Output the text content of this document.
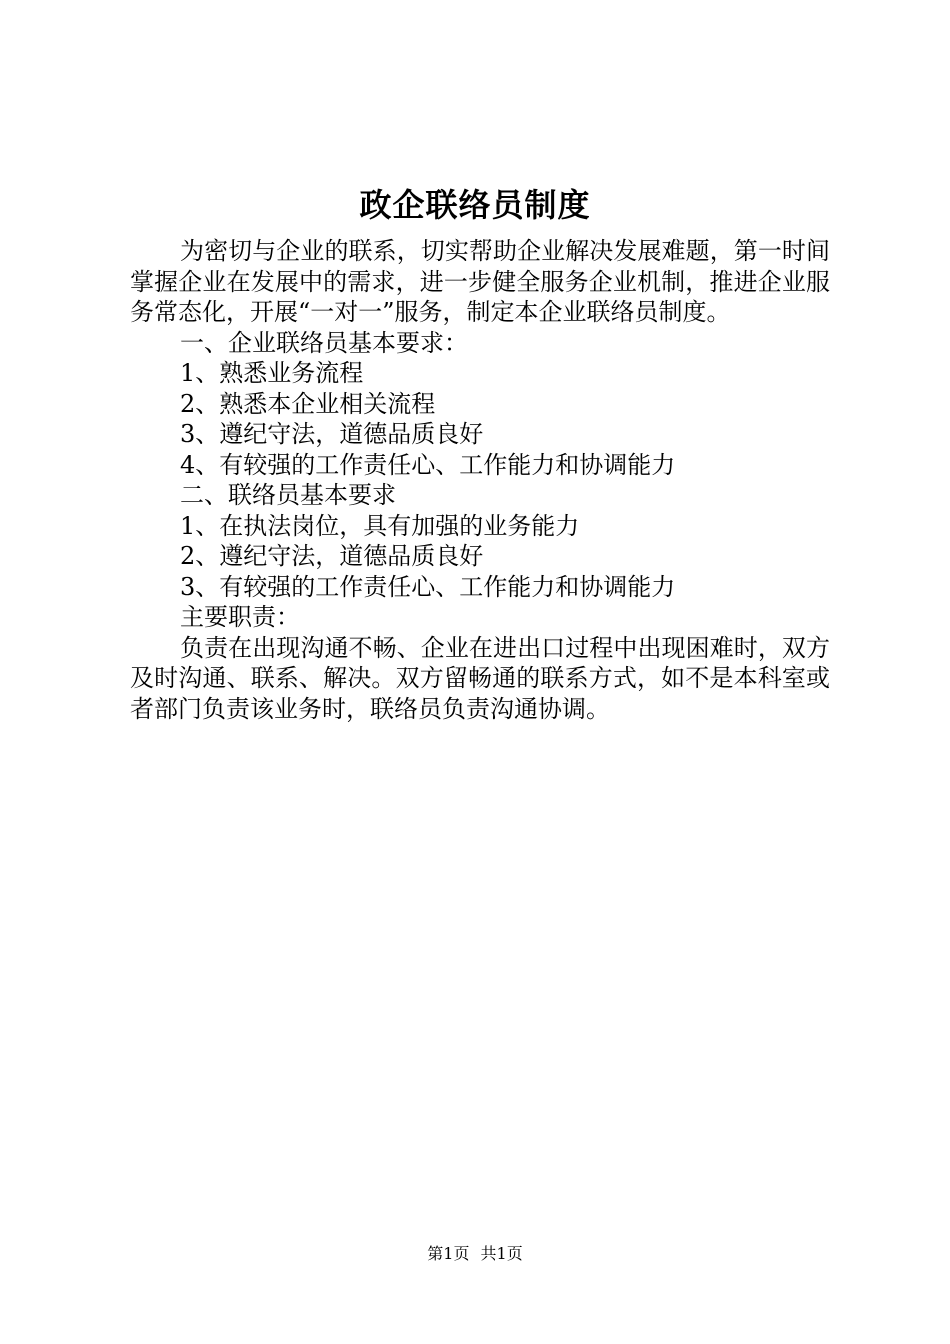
政企联络员制度

为密切与企业的联系，切实帮助企业解决发展难题，第一时间掌握企业在发展中的需求，进一步健全服务企业机制，推进企业服务常态化，开展“一对一”服务，制定本企业联络员制度。

一、企业联络员基本要求：

1、熟悉业务流程

2、熟悉本企业相关流程

3、遵纪守法，道德品质良好

4、有较强的工作责任心、工作能力和协调能力

二、联络员基本要求

1、在执法岗位，具有加强的业务能力

2、遵纪守法，道德品质良好

3、有较强的工作责任心、工作能力和协调能力

主要职责：

负责在出现沟通不畅、企业在进出口过程中出现困难时，双方及时沟通、联系、解决。双方留畅通的联系方式，如不是本科室或者部门负责该业务时，联络员负责沟通协调。

第1页 共1页
